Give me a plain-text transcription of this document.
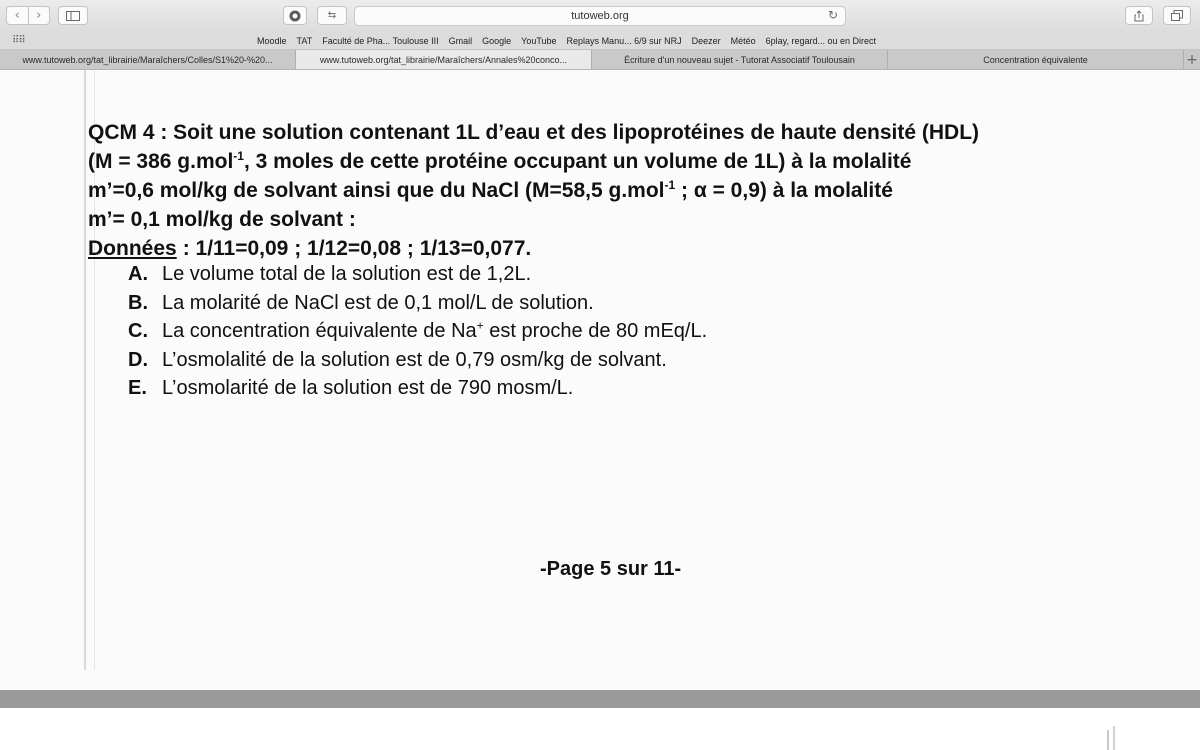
‹	›	⇆	tutoweb.org	↻
⠿⠿	Moodle TAT Faculté de Pha... Toulouse III Gmail Google YouTube Replays Manu... 6/9 sur NRJ Deezer Météo 6play, regard... ou en Direct
www.tutoweb.org/tat_librairie/Maraîchers/Colles/S1%20-%20...	www.tutoweb.org/tat_librairie/Maraîchers/Annales%20conco...	Écriture d'un nouveau sujet - Tutorat Associatif Toulousain	Concentration équivalente	+
QCM 4 : Soit une solution contenant 1L d’eau et des lipoprotéines de haute densité (HDL)
(M = 386 g.mol$^{-1}$, 3 moles de cette protéine occupant un volume de 1L) à la molalité
m’=0,6 mol/kg de solvant ainsi que du NaCl (M=58,5 g.mol$^{-1}$ ; α = 0,9) à la molalité
m’= 0,1 mol/kg de solvant :
Données : 1/11=0,09 ; 1/12=0,08 ; 1/13=0,077.
A. Le volume total de la solution est de 1,2L.
B. La molarité de NaCl est de 0,1 mol/L de solution.
C. La concentration équivalente de Na+ est proche de 80 mEq/L.
D. L’osmolalité de la solution est de 0,79 osm/kg de solvant.
E. L’osmolarité de la solution est de 790 mosm/L.
-Page 5 sur 11-
